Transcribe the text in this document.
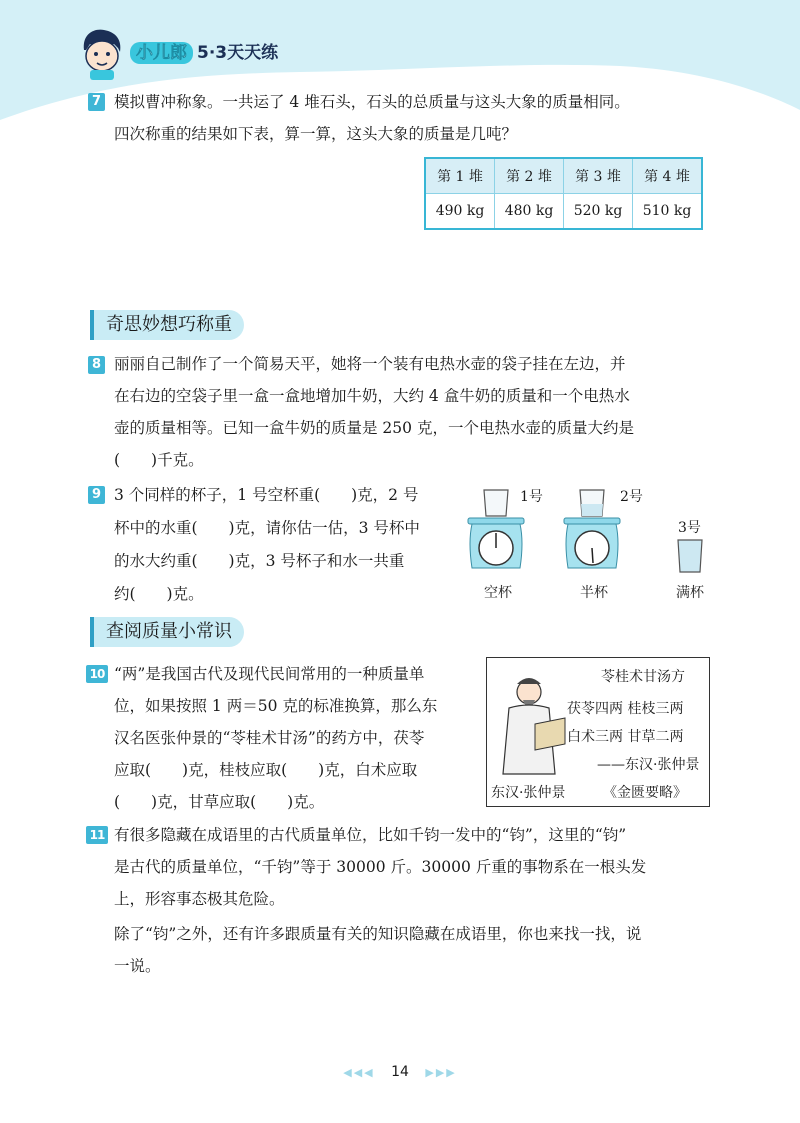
小儿郎 5·3天天练
7 模拟曹冲称象。一共运了 4 堆石头，石头的总质量与这头大象的质量相同。
四次称重的结果如下表，算一算，这头大象的质量是几吨？
第 1 堆	第 2 堆	第 3 堆	第 4 堆
490 kg	480 kg	520 kg	510 kg
奇思妙想巧称重
8 丽丽自己制作了一个简易天平，她将一个装有电热水壶的袋子挂在左边，并
在右边的空袋子里一盒一盒地增加牛奶，大约 4 盒牛奶的质量和一个电热水
壶的质量相等。已知一盒牛奶的质量是 250 克，一个电热水壶的质量大约是
(　　)千克。
9 3 个同样的杯子，1 号空杯重(　　)克，2 号
杯中的水重(　　)克，请你估一估，3 号杯中
的水大约重(　　)克，3 号杯子和水一共重
约(　　)克。
1号	2号
3号
空杯	半杯	满杯
查阅质量小常识
10 “两”是我国古代及现代民间常用的一种质量单
位，如果按照 1 两＝50 克的标准换算，那么东
汉名医张仲景的“苓桂术甘汤”的药方中，茯苓
应取(　　)克，桂枝应取(　　)克，白术应取
(　　)克，甘草应取(　　)克。
苓桂术甘汤方
茯苓四两 桂枝三两
白术三两 甘草二两
——东汉·张仲景
东汉·张仲景	《金匮要略》
11 有很多隐藏在成语里的古代质量单位，比如千钧一发中的“钧”，这里的“钧”
是古代的质量单位，“千钧”等于 30000 斤。30000 斤重的事物系在一根头发
上，形容事态极其危险。
除了“钧”之外，还有许多跟质量有关的知识隐藏在成语里，你也来找一找，说
一说。
◀◀◀ 14 ▶▶▶
